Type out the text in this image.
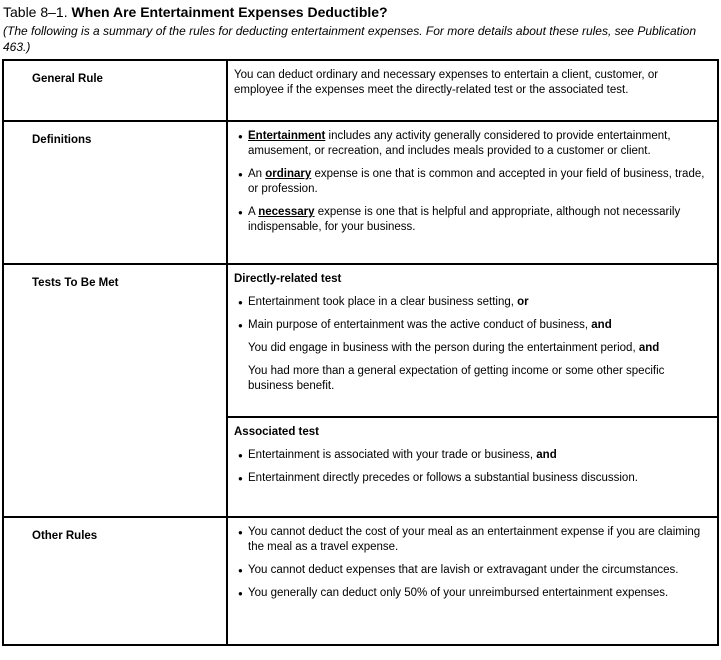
Table 8–1. When Are Entertainment Expenses Deductible?
(The following is a summary of the rules for deducting entertainment expenses. For more details about these rules, see Publication 463.)
General Rule	You can deduct ordinary and necessary expenses to entertain a client, customer, or employee if the expenses meet the directly-related test or the associated test.
Definitions	● Entertainment includes any activity generally considered to provide entertainment, amusement, or recreation, and includes meals provided to a customer or client.
● An ordinary expense is one that is common and accepted in your field of business, trade, or profession.
● A necessary expense is one that is helpful and appropriate, although not necessarily indispensable, for your business.
Tests To Be Met	Directly-related test
● Entertainment took place in a clear business setting, or
● Main purpose of entertainment was the active conduct of business, and
You did engage in business with the person during the entertainment period, and
You had more than a general expectation of getting income or some other specific business benefit.
Associated test
● Entertainment is associated with your trade or business, and
● Entertainment directly precedes or follows a substantial business discussion.
Other Rules	● You cannot deduct the cost of your meal as an entertainment expense if you are claiming the meal as a travel expense.
● You cannot deduct expenses that are lavish or extravagant under the circumstances.
● You generally can deduct only 50% of your unreimbursed entertainment expenses.
